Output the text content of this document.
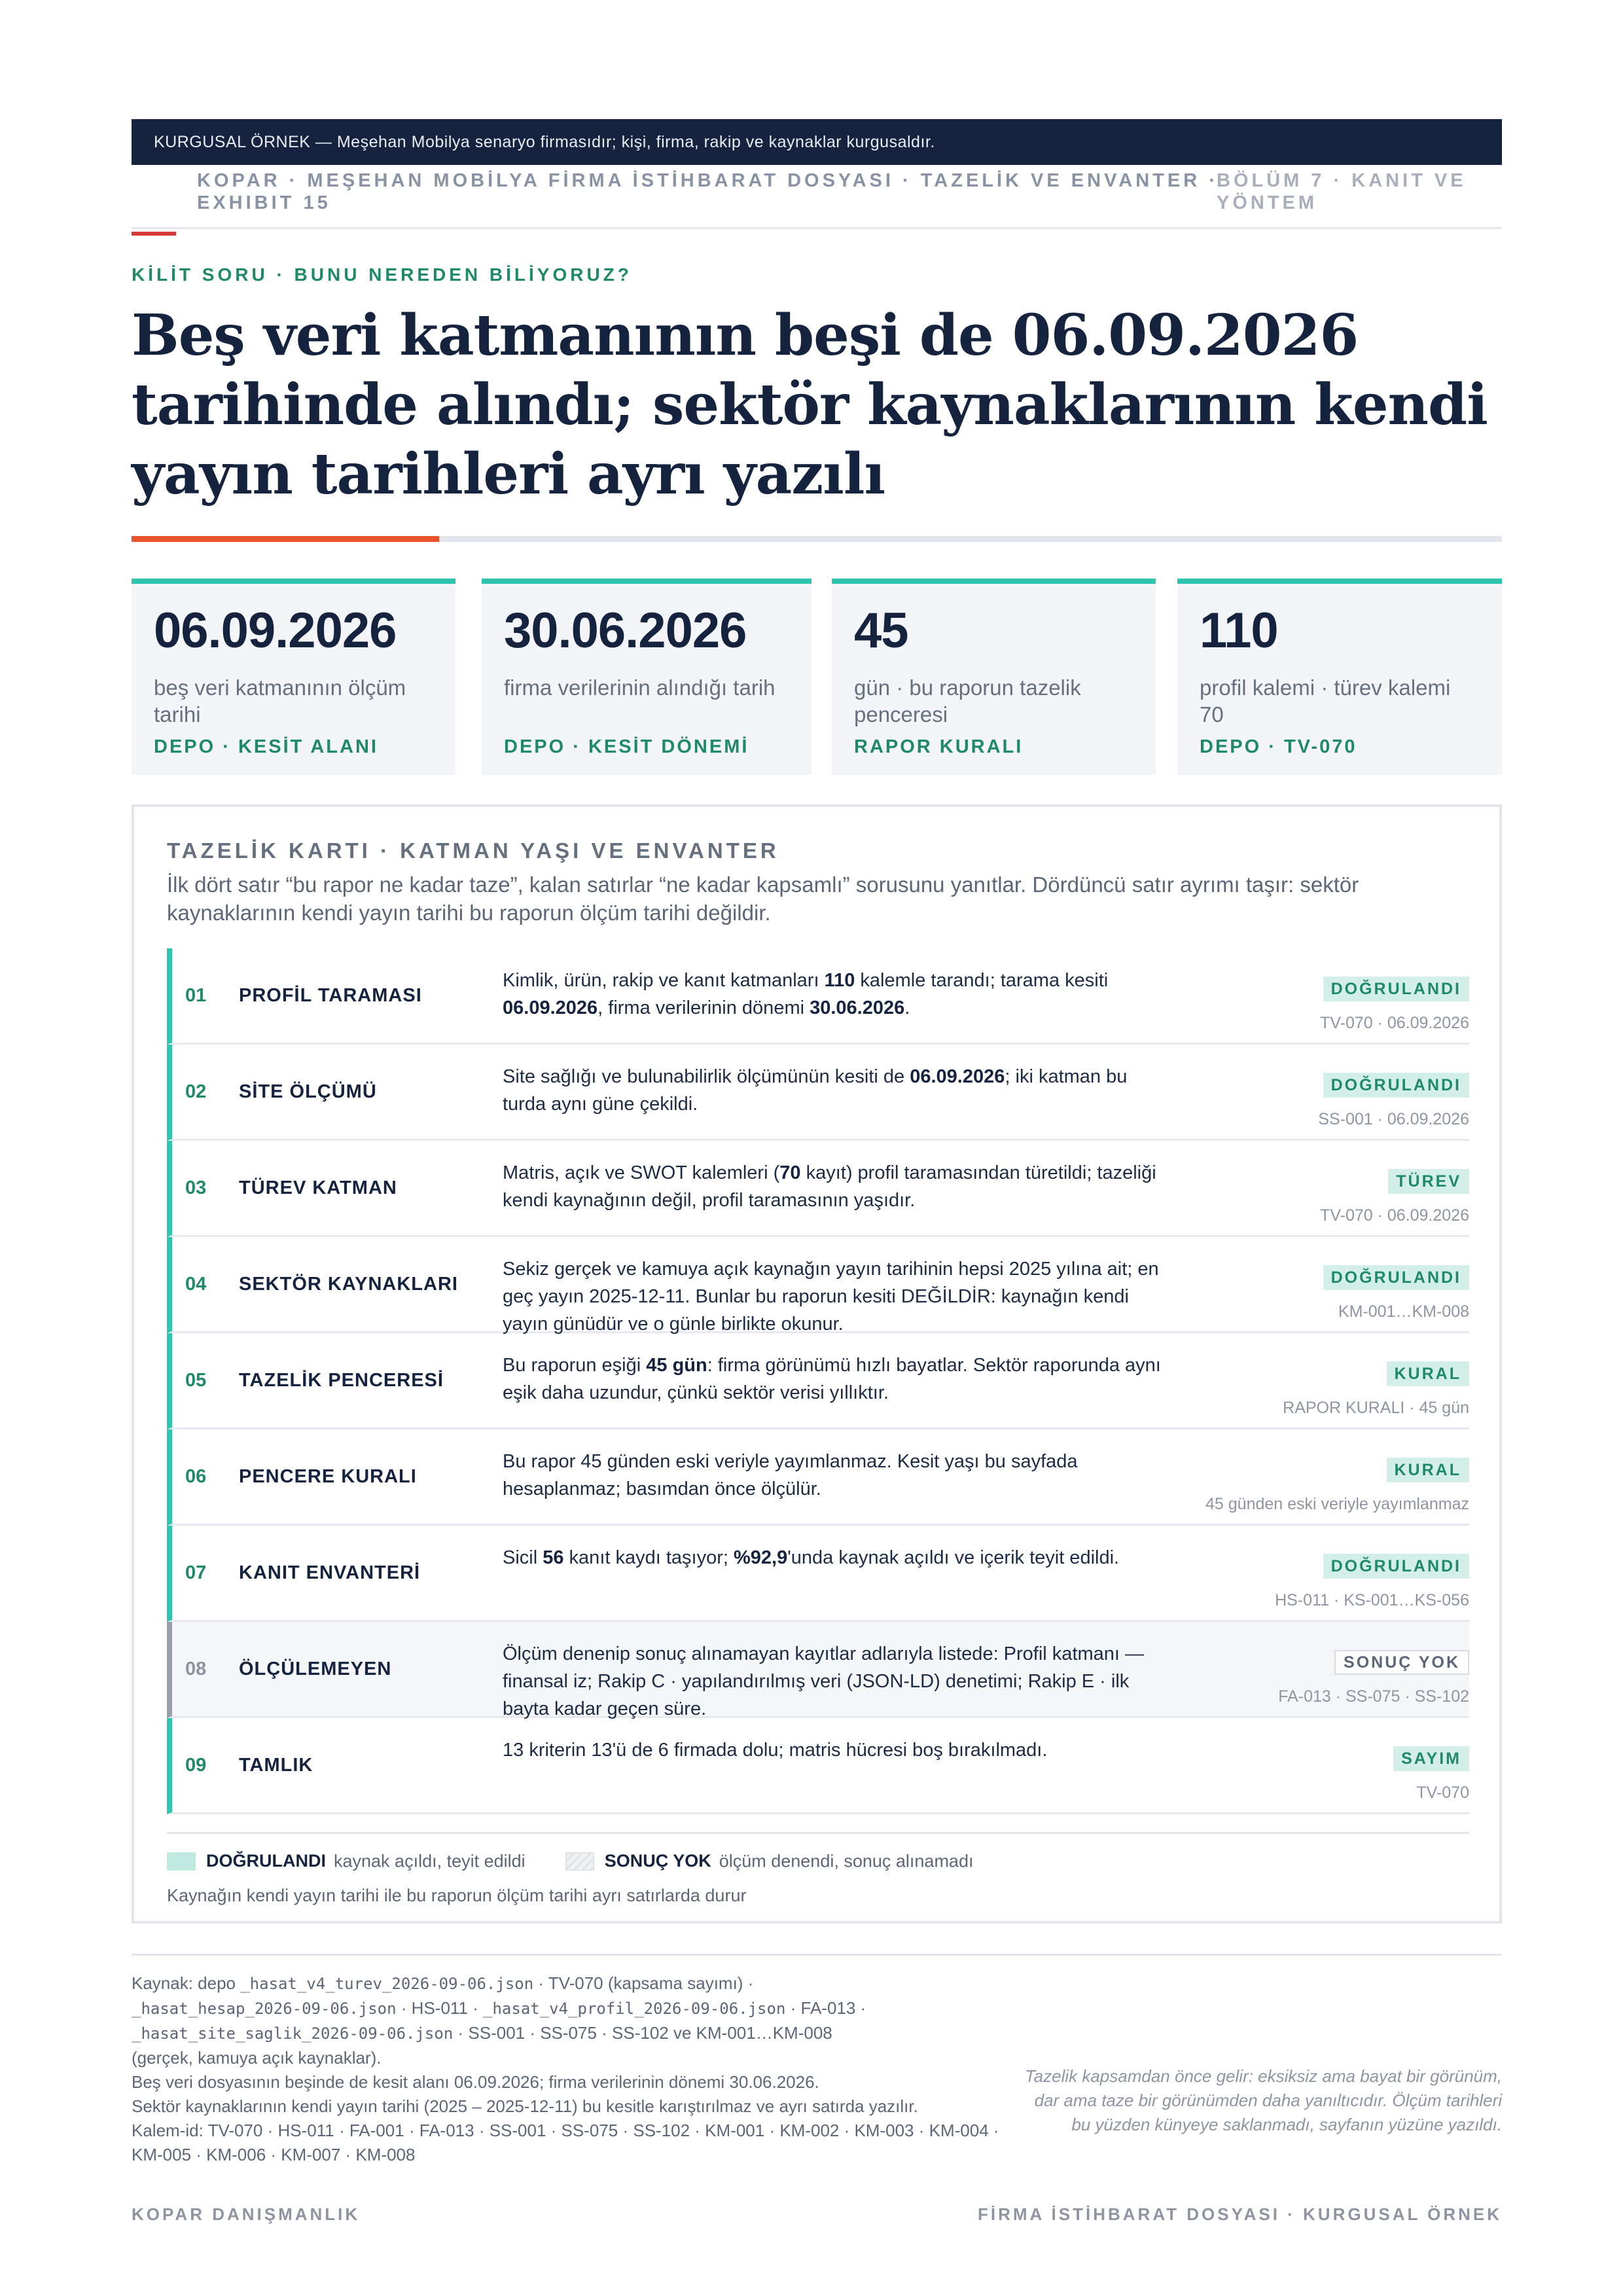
KURGUSAL ÖRNEK — Meşehan Mobilya senaryo firmasıdır; kişi, firma, rakip ve kaynaklar kurgusaldır.
KOPAR · MEŞEHAN MOBİLYA FİRMA İSTİHBARAT DOSYASI · TAZELİK VE ENVANTER · EXHIBIT 15
BÖLÜM 7 · KANIT VE YÖNTEM
KİLİT SORU · BUNU NEREDEN BİLİYORUZ?
Beş veri katmanının beşi de 06.09.2026 tarihinde alındı; sektör kaynaklarının kendi yayın tarihleri ayrı yazılı
06.09.2026
beş veri katmanının ölçüm tarihi
DEPO · KESİT ALANI
30.06.2026
firma verilerinin alındığı tarih
DEPO · KESİT DÖNEMİ
45
gün · bu raporun tazelik penceresi
RAPOR KURALI
110
profil kalemi · türev kalemi 70
DEPO · TV-070
TAZELİK KARTI · KATMAN YAŞI VE ENVANTER
İlk dört satır “bu rapor ne kadar taze”, kalan satırlar “ne kadar kapsamlı” sorusunu yanıtlar. Dördüncü satır ayrımı taşır: sektör kaynaklarının kendi yayın tarihi bu raporun ölçüm tarihi değildir.
01 PROFİL TARAMASI
Kimlik, ürün, rakip ve kanıt katmanları 110 kalemle tarandı; tarama kesiti 06.09.2026, firma verilerinin dönemi 30.06.2026.
DOĞRULANDI
TV-070 · 06.09.2026
02 SİTE ÖLÇÜMÜ
Site sağlığı ve bulunabilirlik ölçümünün kesiti de 06.09.2026; iki katman bu turda aynı güne çekildi.
DOĞRULANDI
SS-001 · 06.09.2026
03 TÜREV KATMAN
Matris, açık ve SWOT kalemleri (70 kayıt) profil taramasından türetildi; tazeliği kendi kaynağının değil, profil taramasının yaşıdır.
TÜREV
TV-070 · 06.09.2026
04 SEKTÖR KAYNAKLARI
Sekiz gerçek ve kamuya açık kaynağın yayın tarihinin hepsi 2025 yılına ait; en geç yayın 2025-12-11. Bunlar bu raporun kesiti DEĞİLDİR: kaynağın kendi yayın günüdür ve o günle birlikte okunur.
DOĞRULANDI
KM-001…KM-008
05 TAZELİK PENCERESİ
Bu raporun eşiği 45 gün: firma görünümü hızlı bayatlar. Sektör raporunda aynı eşik daha uzundur, çünkü sektör verisi yıllıktır.
KURAL
RAPOR KURALI · 45 gün
06 PENCERE KURALI
Bu rapor 45 günden eski veriyle yayımlanmaz. Kesit yaşı bu sayfada hesaplanmaz; basımdan önce ölçülür.
KURAL
45 günden eski veriyle yayımlanmaz
07 KANIT ENVANTERİ
Sicil 56 kanıt kaydı taşıyor; %92,9'unda kaynak açıldı ve içerik teyit edildi.	DOĞRULANDI
HS-011 · KS-001…KS-056
08 ÖLÇÜLEMEYEN
Ölçüm denenip sonuç alınamayan kayıtlar adlarıyla listede: Profil katmanı — finansal iz; Rakip C · yapılandırılmış veri (JSON-LD) denetimi; Rakip E · ilk bayta kadar geçen süre.
SONUÇ YOK
FA-013 · SS-075 · SS-102
09 TAMLIK
13 kriterin 13'ü de 6 firmada dolu; matris hücresi boş bırakılmadı.	SAYIM
TV-070
DOĞRULANDI kaynak açıldı, teyit edildi	SONUÇ YOK ölçüm denendi, sonuç alınamadı
Kaynağın kendi yayın tarihi ile bu raporun ölçüm tarihi ayrı satırlarda durur
Kaynak: depo _hasat_v4_turev_2026-09-06.json · TV-070 (kapsama sayımı) ·
_hasat_hesap_2026-09-06.json · HS-011 · _hasat_v4_profil_2026-09-06.json · FA-013 ·
_hasat_site_saglik_2026-09-06.json · SS-001 · SS-075 · SS-102 ve KM-001…KM-008
(gerçek, kamuya açık kaynaklar).
Beş veri dosyasının beşinde de kesit alanı 06.09.2026; firma verilerinin dönemi 30.06.2026.
Sektör kaynaklarının kendi yayın tarihi (2025 – 2025-12-11) bu kesitle karıştırılmaz ve ayrı satırda yazılır.
Kalem-id: TV-070 · HS-011 · FA-001 · FA-013 · SS-001 · SS-075 · SS-102 · KM-001 · KM-002 · KM-003 · KM-004 · KM-005 · KM-006 · KM-007 · KM-008
Tazelik kapsamdan önce gelir: eksiksiz ama bayat bir görünüm, dar ama taze bir görünümden daha yanıltıcıdır. Ölçüm tarihleri bu yüzden künyeye saklanmadı, sayfanın yüzüne yazıldı.
KOPAR DANIŞMANLIK	FİRMA İSTİHBARAT DOSYASI · KURGUSAL ÖRNEK
